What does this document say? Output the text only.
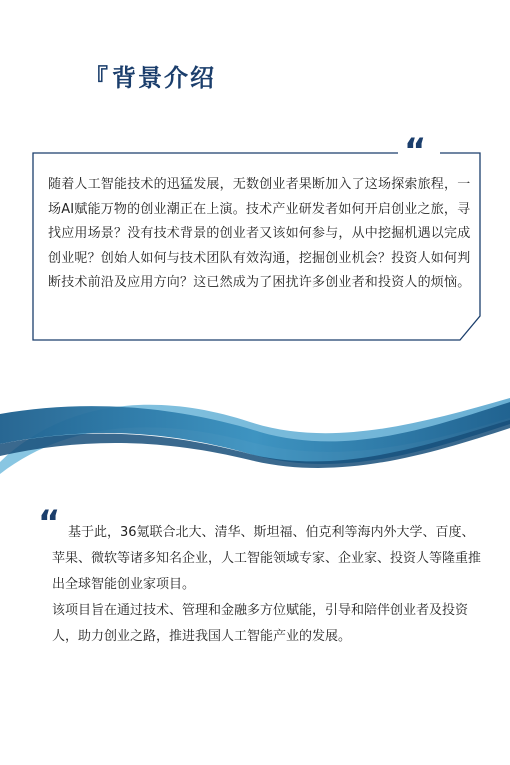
『背景介绍
“
随着人工智能技术的迅猛发展，无数创业者果断加入了这场探索旅程，一场AI赋能万物的创业潮正在上演。技术产业研发者如何开启创业之旅，寻找应用场景？没有技术背景的创业者又该如何参与，从中挖掘机遇以完成创业呢？创始人如何与技术团队有效沟通，挖掘创业机会？投资人如何判断技术前沿及应用方向？这已然成为了困扰许多创业者和投资人的烦恼。
“ 基于此，36氪联合北大、清华、斯坦福、伯克利等海内外大学、百度、苹果、微软等诸多知名企业，人工智能领域专家、企业家、投资人等隆重推出全球智能创业家项目。

该项目旨在通过技术、管理和金融多方位赋能，引导和陪伴创业者及投资人，助力创业之路，推进我国人工智能产业的发展。
